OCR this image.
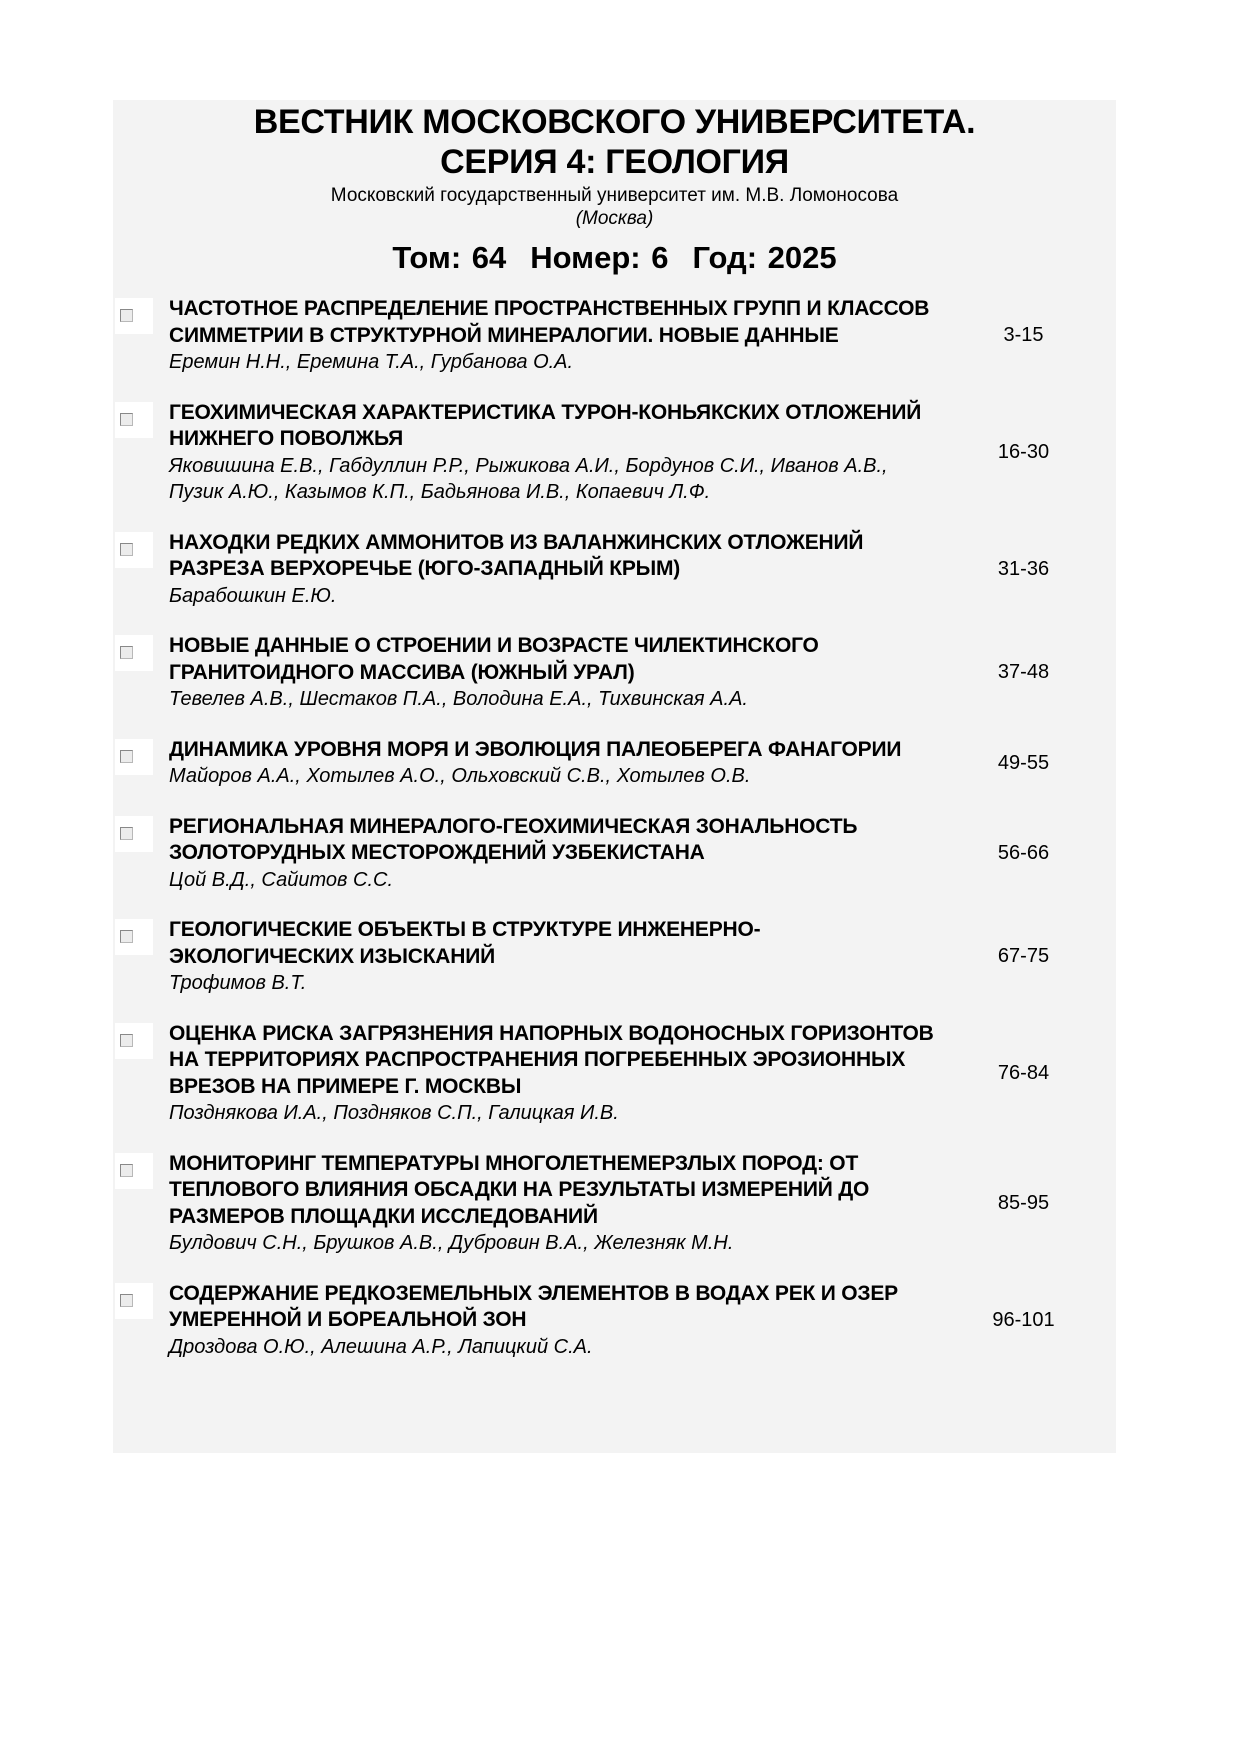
ВЕСТНИК МОСКОВСКОГО УНИВЕРСИТЕТА.
СЕРИЯ 4: ГЕОЛОГИЯ
Московский государственный университет им. М.В. Ломоносова
(Москва)
Том: 64 Номер: 6 Год: 2025
ЧАСТОТНОЕ РАСПРЕДЕЛЕНИЕ ПРОСТРАНСТВЕННЫХ ГРУПП И КЛАССОВ СИММЕТРИИ В СТРУКТУРНОЙ МИНЕРАЛОГИИ. НОВЫЕ ДАННЫЕ
Еремин Н.Н., Еремина Т.А., Гурбанова О.А.
3-15
ГЕОХИМИЧЕСКАЯ ХАРАКТЕРИСТИКА ТУРОН-КОНЬЯКСКИХ ОТЛОЖЕНИЙ НИЖНЕГО ПОВОЛЖЬЯ
Яковишина Е.В., Габдуллин Р.Р., Рыжикова А.И., Бордунов С.И., Иванов А.В., Пузик А.Ю., Казымов К.П., Бадьянова И.В., Копаевич Л.Ф.
16-30
НАХОДКИ РЕДКИХ АММОНИТОВ ИЗ ВАЛАНЖИНСКИХ ОТЛОЖЕНИЙ РАЗРЕЗА ВЕРХОРЕЧЬЕ (ЮГО-ЗАПАДНЫЙ КРЫМ)
Барабошкин Е.Ю.
31-36
НОВЫЕ ДАННЫЕ О СТРОЕНИИ И ВОЗРАСТЕ ЧИЛЕКТИНСКОГО ГРАНИТОИДНОГО МАССИВА (ЮЖНЫЙ УРАЛ)
Тевелев А.В., Шестаков П.А., Володина Е.А., Тихвинская А.А.
37-48
ДИНАМИКА УРОВНЯ МОРЯ И ЭВОЛЮЦИЯ ПАЛЕОБЕРЕГА ФАНАГОРИИ
Майоров А.А., Хотылев А.О., Ольховский С.В., Хотылев О.В.
49-55
РЕГИОНАЛЬНАЯ МИНЕРАЛОГО-ГЕОХИМИЧЕСКАЯ ЗОНАЛЬНОСТЬ ЗОЛОТОРУДНЫХ МЕСТОРОЖДЕНИЙ УЗБЕКИСТАНА
Цой В.Д., Сайитов С.С.
56-66
ГЕОЛОГИЧЕСКИЕ ОБЪЕКТЫ В СТРУКТУРЕ ИНЖЕНЕРНО-ЭКОЛОГИЧЕСКИХ ИЗЫСКАНИЙ
Трофимов В.Т.
67-75
ОЦЕНКА РИСКА ЗАГРЯЗНЕНИЯ НАПОРНЫХ ВОДОНОСНЫХ ГОРИЗОНТОВ НА ТЕРРИТОРИЯХ РАСПРОСТРАНЕНИЯ ПОГРЕБЕННЫХ ЭРОЗИОННЫХ ВРЕЗОВ НА ПРИМЕРЕ Г. МОСКВЫ
Позднякова И.А., Поздняков С.П., Галицкая И.В.
76-84
МОНИТОРИНГ ТЕМПЕРАТУРЫ МНОГОЛЕТНЕМЕРЗЛЫХ ПОРОД: ОТ ТЕПЛОВОГО ВЛИЯНИЯ ОБСАДКИ НА РЕЗУЛЬТАТЫ ИЗМЕРЕНИЙ ДО РАЗМЕРОВ ПЛОЩАДКИ ИССЛЕДОВАНИЙ
Булдович С.Н., Брушков А.В., Дубровин В.А., Железняк М.Н.
85-95
СОДЕРЖАНИЕ РЕДКОЗЕМЕЛЬНЫХ ЭЛЕМЕНТОВ В ВОДАХ РЕК И ОЗЕР УМЕРЕННОЙ И БОРЕАЛЬНОЙ ЗОН
Дроздова О.Ю., Алешина А.Р., Лапицкий С.А.
96-101
